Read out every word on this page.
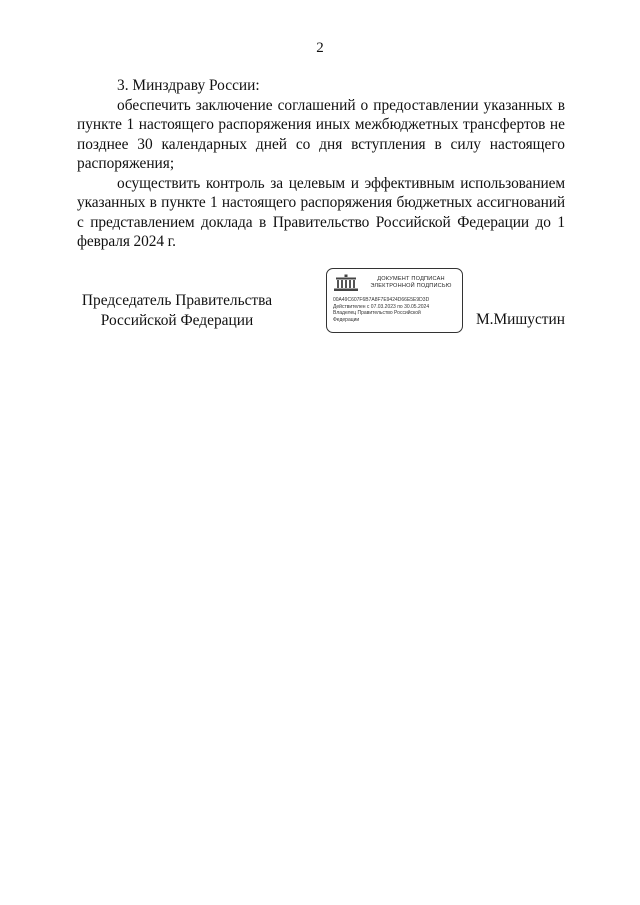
2

3. Минздраву России:

обеспечить заключение соглашений о предоставлении указанных в пункте 1 настоящего распоряжения иных межбюджетных трансфертов не позднее 30 календарных дней со дня вступления в силу настоящего распоряжения;

осуществить контроль за целевым и эффективным использованием указанных в пункте 1 настоящего распоряжения бюджетных ассигнований с представлением доклада в Правительство Российской Федерации до 1 февраля 2024 г.

Председатель Правительства
Российской Федерации
ДОКУМЕНТ ПОДПИСАН
ЭЛЕКТРОННОЙ ПОДПИСЬЮ
00A49C607F6B7A8F7E9424D66E5E9D3D
Действителен с 07.03.2023 по 30.05.2024
Владелец Правительство Российской
Федерации	М.Мишустин
